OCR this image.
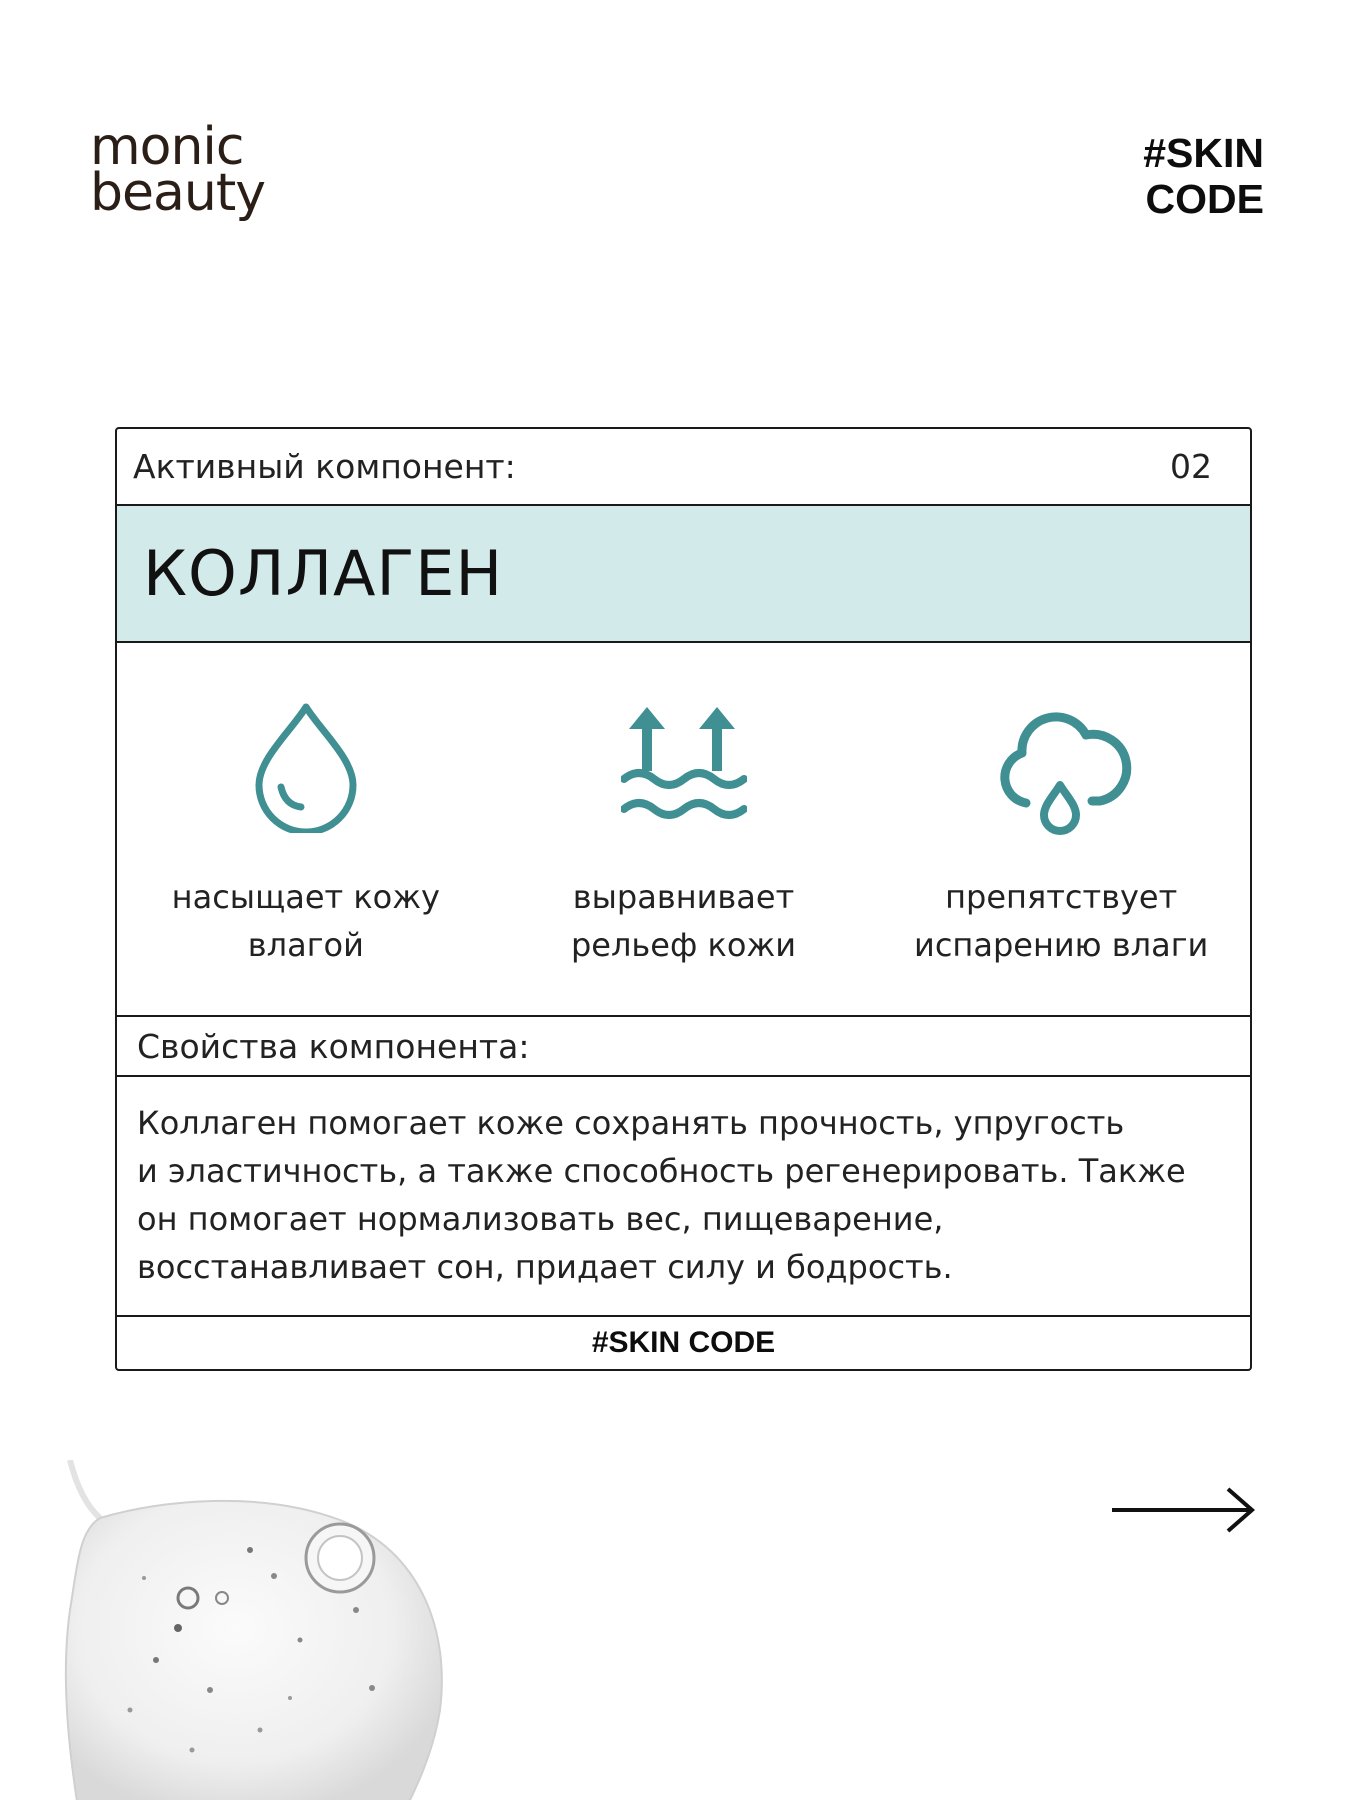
monic
beauty
#SKIN
CODE
Активный компонент:	02
КОЛЛАГЕН
насыщает кожу
влагой
выравнивает
рельеф кожи
препятствует
испарению влаги
Свойства компонента:
Коллаген помогает коже сохранять прочность, упругость
и эластичность, а также способность регенерировать. Также
он помогает нормализовать вес, пищеварение,
восстанавливает сон, придает силу и бодрость.
#SKIN CODE
